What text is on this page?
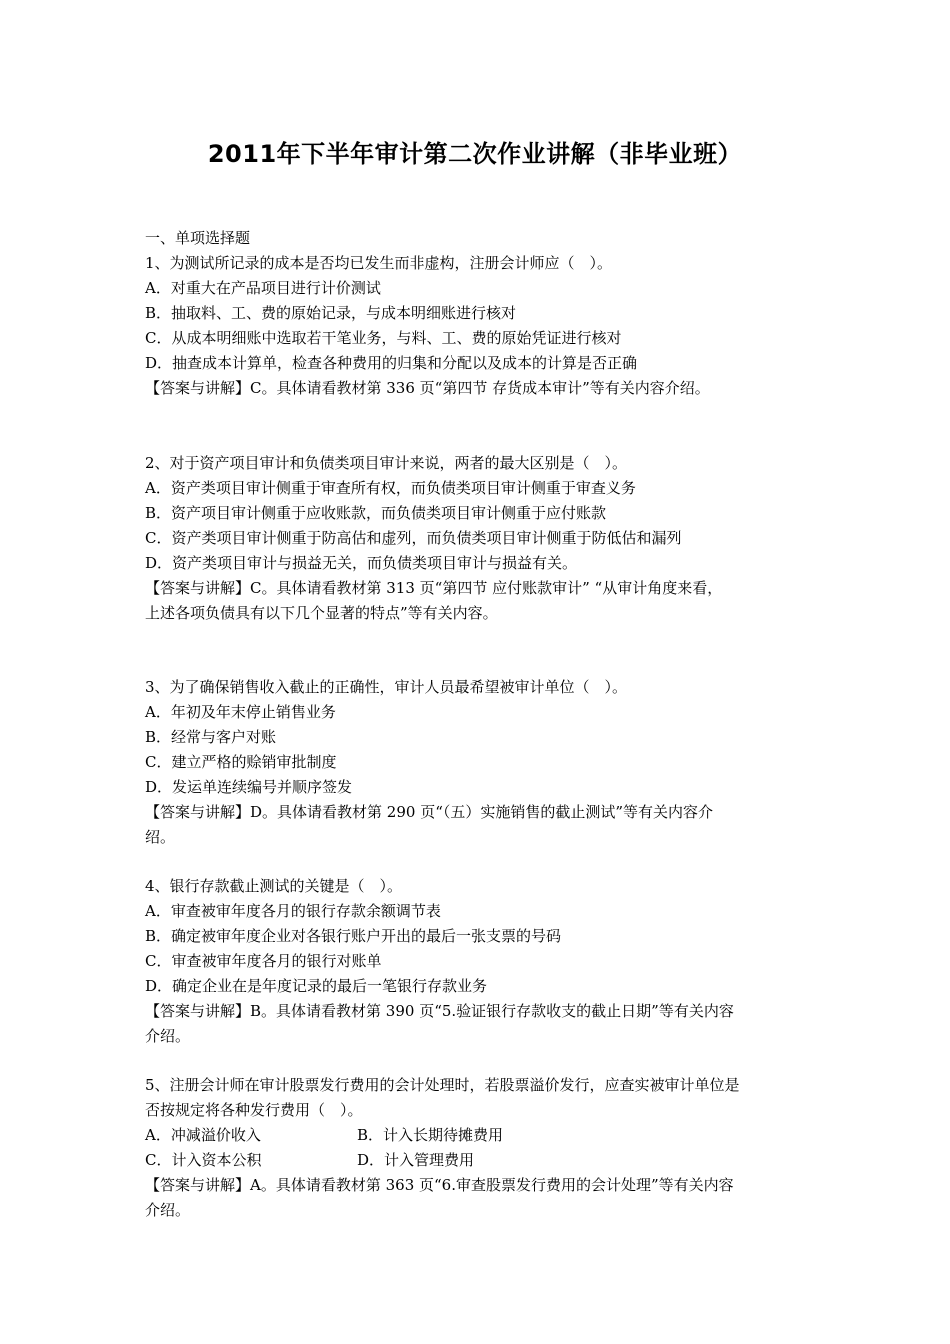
2011年下半年审计第二次作业讲解（非毕业班）
一、单项选择题
1、为测试所记录的成本是否均已发生而非虚构，注册会计师应（　）。
A．对重大在产品项目进行计价测试
B．抽取料、工、费的原始记录，与成本明细账进行核对
C．从成本明细账中选取若干笔业务，与料、工、费的原始凭证进行核对
D．抽查成本计算单，检查各种费用的归集和分配以及成本的计算是否正确
【答案与讲解】C。具体请看教材第 336 页“第四节 存货成本审计”等有关内容介绍。
2、对于资产项目审计和负债类项目审计来说，两者的最大区别是（　）。
A．资产类项目审计侧重于审查所有权，而负债类项目审计侧重于审查义务
B．资产项目审计侧重于应收账款，而负债类项目审计侧重于应付账款
C．资产类项目审计侧重于防高估和虚列，而负债类项目审计侧重于防低估和漏列
D．资产类项目审计与损益无关，而负债类项目审计与损益有关。
【答案与讲解】C。具体请看教材第 313 页“第四节 应付账款审计” “从审计角度来看，
上述各项负债具有以下几个显著的特点”等有关内容。
3、为了确保销售收入截止的正确性，审计人员最希望被审计单位（　）。
A．年初及年末停止销售业务
B．经常与客户对账
C．建立严格的赊销审批制度
D．发运单连续编号并顺序签发
【答案与讲解】D。具体请看教材第 290 页“（五）实施销售的截止测试”等有关内容介
绍。
4、银行存款截止测试的关键是（　）。
A．审查被审年度各月的银行存款余额调节表
B．确定被审年度企业对各银行账户开出的最后一张支票的号码
C．审查被审年度各月的银行对账单
D．确定企业在是年度记录的最后一笔银行存款业务
【答案与讲解】B。具体请看教材第 390 页“5.验证银行存款收支的截止日期”等有关内容
介绍。
5、注册会计师在审计股票发行费用的会计处理时，若股票溢价发行，应查实被审计单位是
否按规定将各种发行费用（　）。
A．冲减溢价收入	B．计入长期待摊费用
C．计入资本公积	D．计入管理费用
【答案与讲解】A。具体请看教材第 363 页“6.审查股票发行费用的会计处理”等有关内容
介绍。
